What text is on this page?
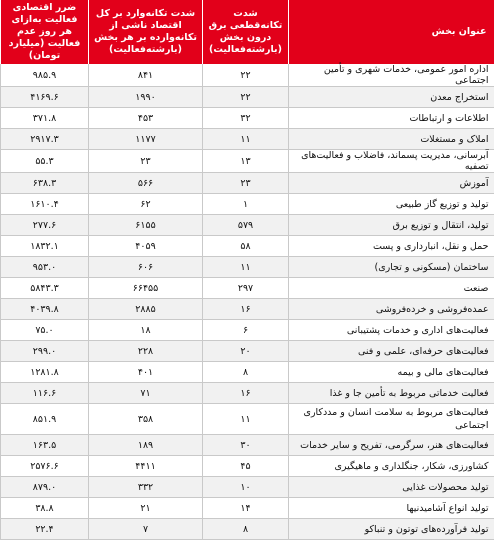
عنوان بخش	شدت تکانه‌قطعی برق درون بخش (بارشته‌فعالیت)	شدت تکانه‌وارد بر کل اقتصاد ناشی از تکانه‌وارده بر هر بخش (بارشته‌فعالیت)	ضرر اقتصادی فعالیت به‌ازای هر روز عدم فعالیت (میلیارد تومان)
اداره امور عمومی، خدمات شهری و تأمین اجتماعی	۲۲	۸۴۱	۹۸۵.۹
استخراج معدن	۲۲	۱۹۹۰	۴۱۶۹.۶
اطلاعات و ارتباطات	۳۲	۴۵۳	۳۷۱.۸
املاک و مستغلات	۱۱	۱۱۷۷	۲۹۱۷.۳
آبرسانی، مدیریت پسماند، فاضلاب و فعالیت‌های تصفیه	۱۳	۲۳	۵۵.۳
آموزش	۲۳	۵۶۶	۶۳۸.۳
تولید و توزیع گاز طبیعی	۱	۶۲	۱۶۱۰.۴
تولید، انتقال و توزیع برق	۵۷۹	۶۱۵۵	۲۷۷.۶
حمل و نقل، انبارداری و پست	۵۸	۴۰۵۹	۱۸۳۲.۱
ساختمان (مسکونی و تجاری)	۱۱	۶۰۶	۹۵۳.۰
صنعت	۲۹۷	۶۶۴۵۵	۵۸۴۳.۳
عمده‌فروشی و خرده‌فروشی	۱۶	۲۸۸۵	۴۰۳۹.۸
فعالیت‌های اداری و خدمات پشتیبانی	۶	۱۸	۷۵.۰
فعالیت‌های حرفه‌ای، علمی و فنی	۲۰	۲۲۸	۲۹۹.۰
فعالیت‌های مالی و بیمه	۸	۴۰۱	۱۲۸۱.۸
فعالیت خدماتی مربوط به تأمین جا و غذا	۱۶	۷۱	۱۱۶.۶
فعالیت‌های مربوط به سلامت انسان و مددکاری اجتماعی	۱۱	۳۵۸	۸۵۱.۹
فعالیت‌های هنر، سرگرمی، تفریح و سایر خدمات	۳۰	۱۸۹	۱۶۳.۵
کشاورزی، شکار، جنگلداری و ماهیگیری	۴۵	۴۴۱۱	۲۵۷۶.۶
تولید محصولات غذایی	۱۰	۳۳۲	۸۷۹.۰
تولید انواع آشامیدنیها	۱۴	۲۱	۳۸.۸
تولید فرآورده‌های توتون و تنباکو	۸	۷	۲۲.۴
